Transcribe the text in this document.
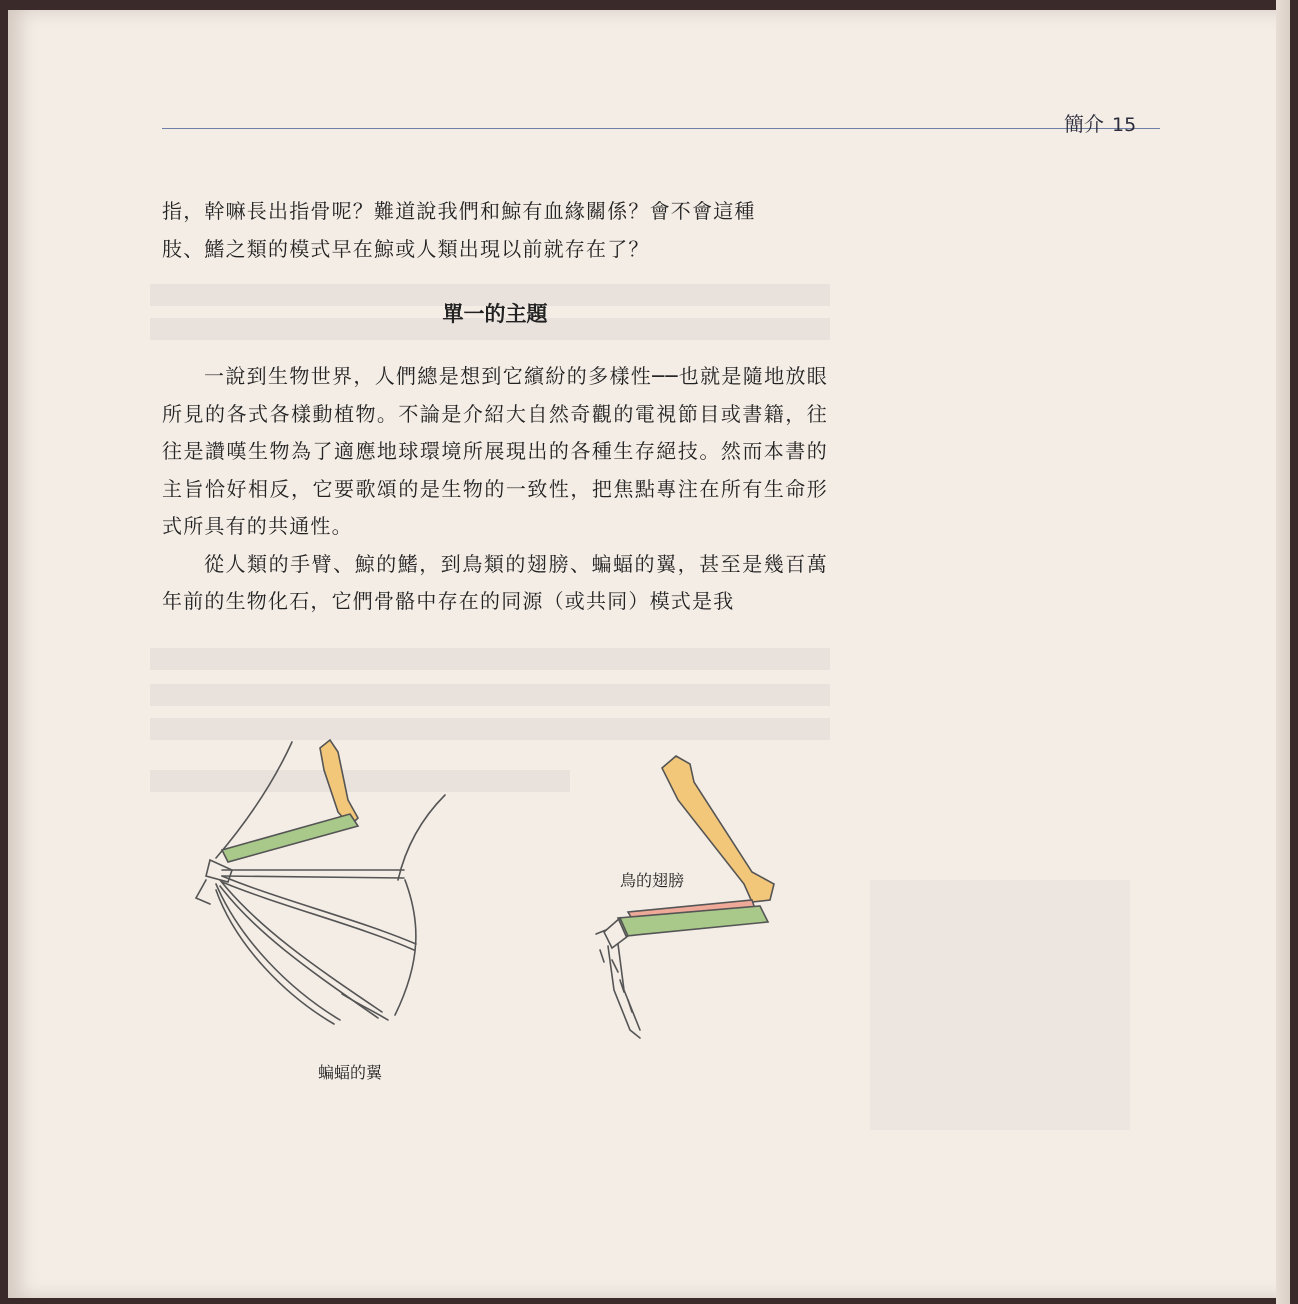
簡介 15

指，幹嘛長出指骨呢？難道說我們和鯨有血緣關係？會不會這種

肢、鰭之類的模式早在鯨或人類出現以前就存在了？

單一的主題

一說到生物世界，人們總是想到它繽紛的多樣性──也就是隨地放眼所見的各式各樣動植物。不論是介紹大自然奇觀的電視節目或書籍，往往是讚嘆生物為了適應地球環境所展現出的各種生存絕技。然而本書的主旨恰好相反，它要歌頌的是生物的一致性，把焦點專注在所有生命形式所具有的共通性。

從人類的手臂、鯨的鰭，到鳥類的翅膀、蝙蝠的翼，甚至是幾百萬年前的生物化石，它們骨骼中存在的同源（或共同）模式是我

蝙蝠的翼
鳥的翅膀
